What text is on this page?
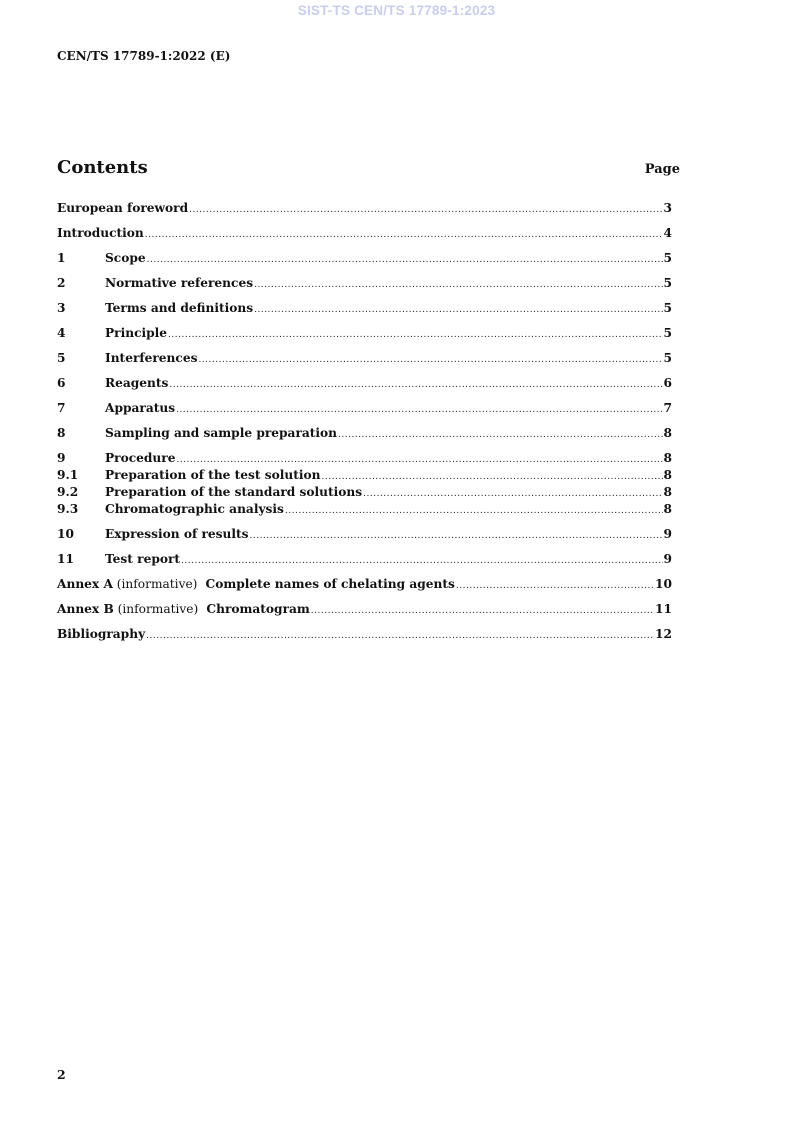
SIST-TS CEN/TS 17789-1:2023
CEN/TS 17789-1:2022 (E)
Contents	Page
European foreword .....	3
Introduction .....	4
1	Scope .....	5
2	Normative references .....	5
3	Terms and definitions .....	5
4	Principle .....	5
5	Interferences .....	5
6	Reagents .....	6
7	Apparatus .....	7
8	Sampling and sample preparation .....	8
9	Procedure .....	8
9.1	Preparation of the test solution .....	8
9.2	Preparation of the standard solutions .....	8
9.3	Chromatographic analysis .....	8
10	Expression of results .....	9
11	Test report .....	9
Annex A (informative)  Complete names of chelating agents .....	10
Annex B (informative)  Chromatogram .....	11
Bibliography .....	12
2
